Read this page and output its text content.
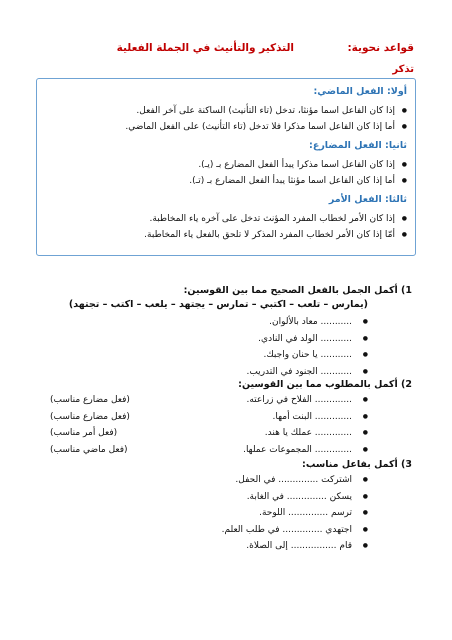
قواعد نحوية:
التذكير والتأنيث في الجملة الفعلية
تذكر
أولا: الفعل الماضي:
● إذا كان الفاعل اسما مؤنثا، تدخل (تاء التأنيث) الساكنة على آخر الفعل.
● أما إذا كان الفاعل اسما مذكرا فلا تدخل (تاء التأنيث) على الفعل الماضي.
ثانيا: الفعل المضارع:
● إذا كان الفاعل اسما مذكرا يبدأ الفعل المضارع بـ (يـ).
● أما إذا كان الفاعل اسما مؤنثا يبدأ الفعل المضارع بـ (تـ).
ثالثا: الفعل الأمر
● إذا كان الأمر لخطاب المفرد المؤنث تدخل على آخره ياء المخاطبة.
● أمّا إذا كان الأمر لخطاب المفرد المذكر لا تلحق بالفعل ياء المخاطبة.
1) أكمل الجمل بالفعل الصحيح مما بين القوسين:
(يمارس – تلعب – اكتبي – تمارس – يجتهد – يلعب – اكتب – تجتهد)
● ........... معاد بالألوان.
● ........... الولد في النادي.
● ........... يا حنان واجبك.
● ........... الجنود في التدريب.
2) أكمل بالمطلوب مما بين القوسين:
● ............. الفلاح في زراعته.
(فعل مضارع مناسب)
● ............. البنت أمها.
(فعل مضارع مناسب)
● ............. عملك يا هند.
(فعل أمر مناسب)
● ............. المجموعات عملها.
(فعل ماضي مناسب)
3) أكمل بفاعل مناسب:
● اشتركت .............. في الحفل.
● يسكن .............. في الغابة.
● ترسم .............. اللوحة.
● اجتهدي .............. في طلب العلم.
● قام ................ إلى الصلاة.
